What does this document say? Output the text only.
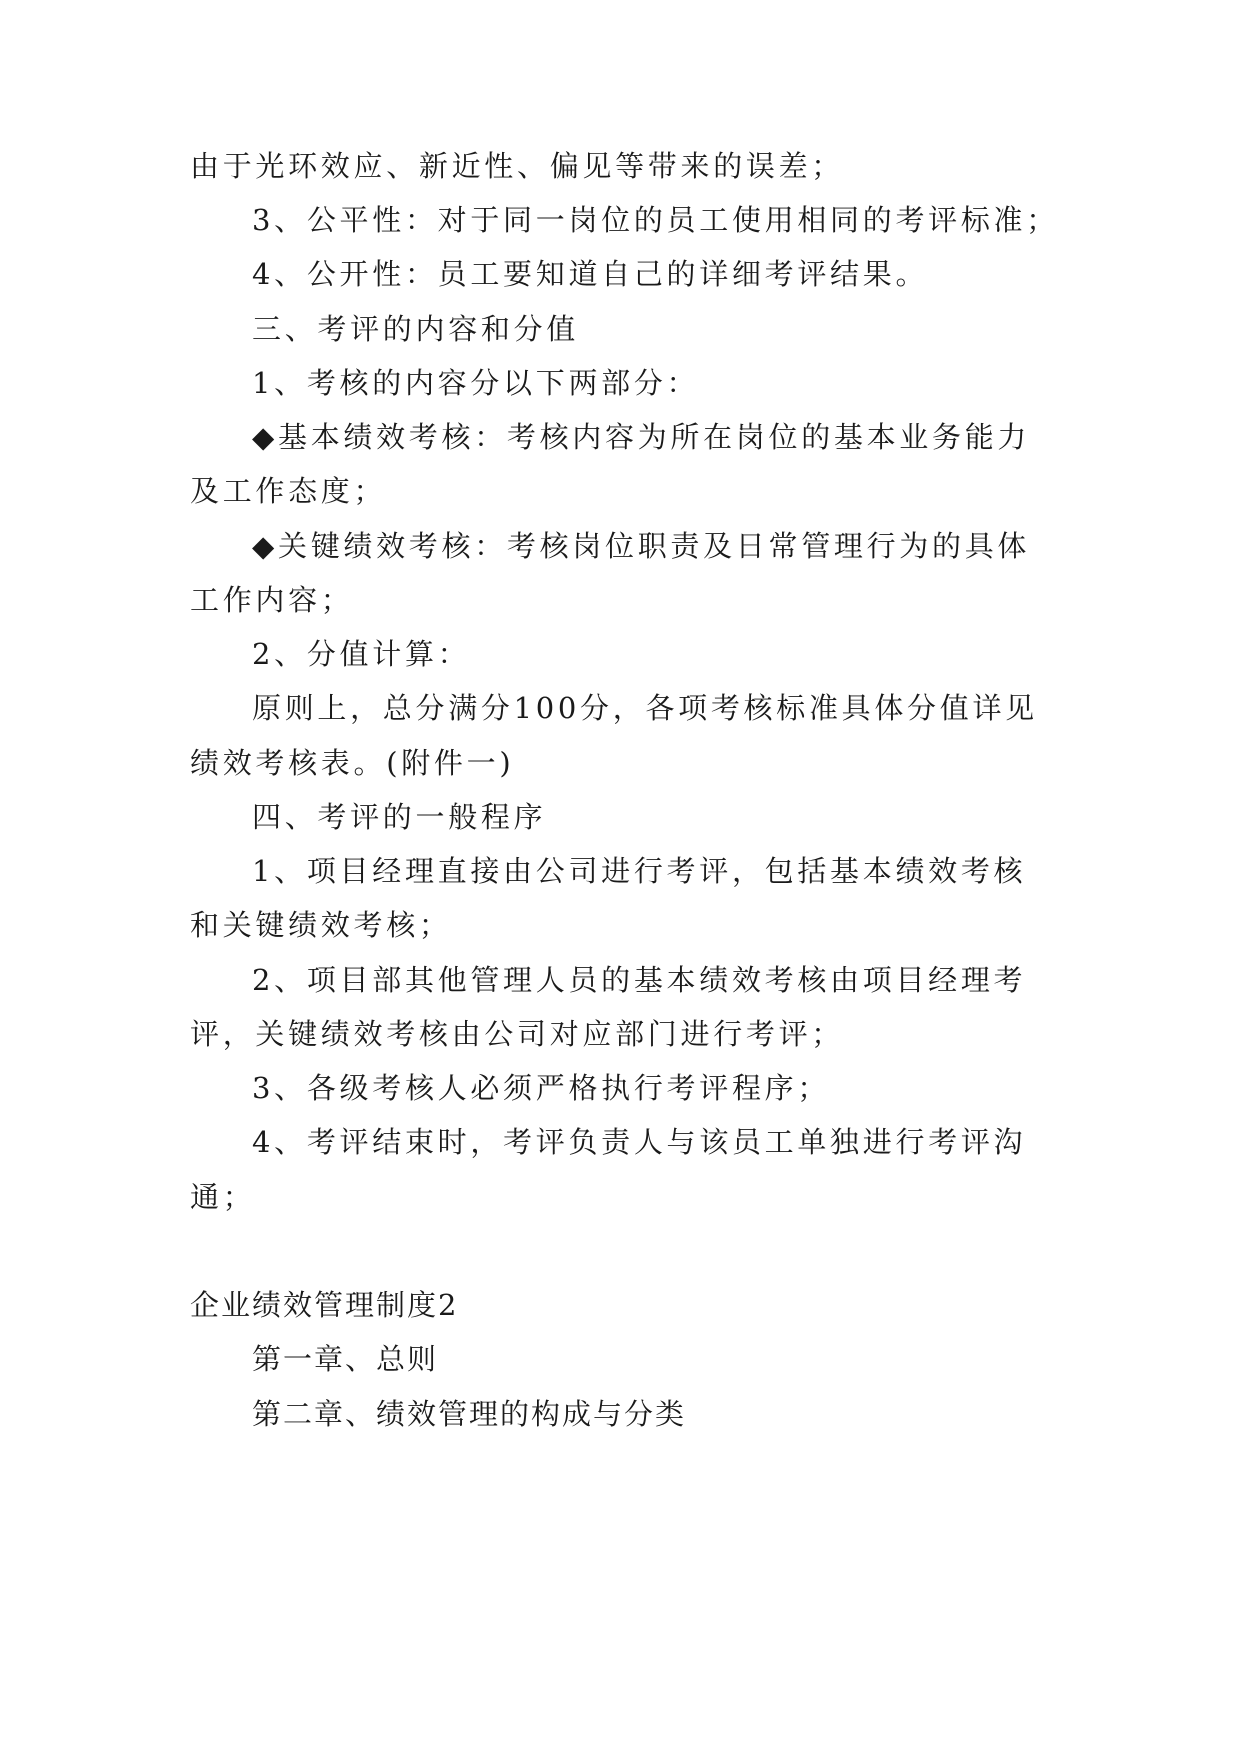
由于光环效应、新近性、偏见等带来的误差；
3、公平性：对于同一岗位的员工使用相同的考评标准；
4、公开性：员工要知道自己的详细考评结果。
三、考评的内容和分值
1、考核的内容分以下两部分：
◆基本绩效考核：考核内容为所在岗位的基本业务能力
及工作态度；
◆关键绩效考核：考核岗位职责及日常管理行为的具体
工作内容；
2、分值计算：
原则上，总分满分100分，各项考核标准具体分值详见
绩效考核表。(附件一)
四、考评的一般程序
1、项目经理直接由公司进行考评，包括基本绩效考核
和关键绩效考核；
2、项目部其他管理人员的基本绩效考核由项目经理考
评，关键绩效考核由公司对应部门进行考评；
3、各级考核人必须严格执行考评程序；
4、考评结束时，考评负责人与该员工单独进行考评沟
通；
企业绩效管理制度2
第一章、总则
第二章、绩效管理的构成与分类
